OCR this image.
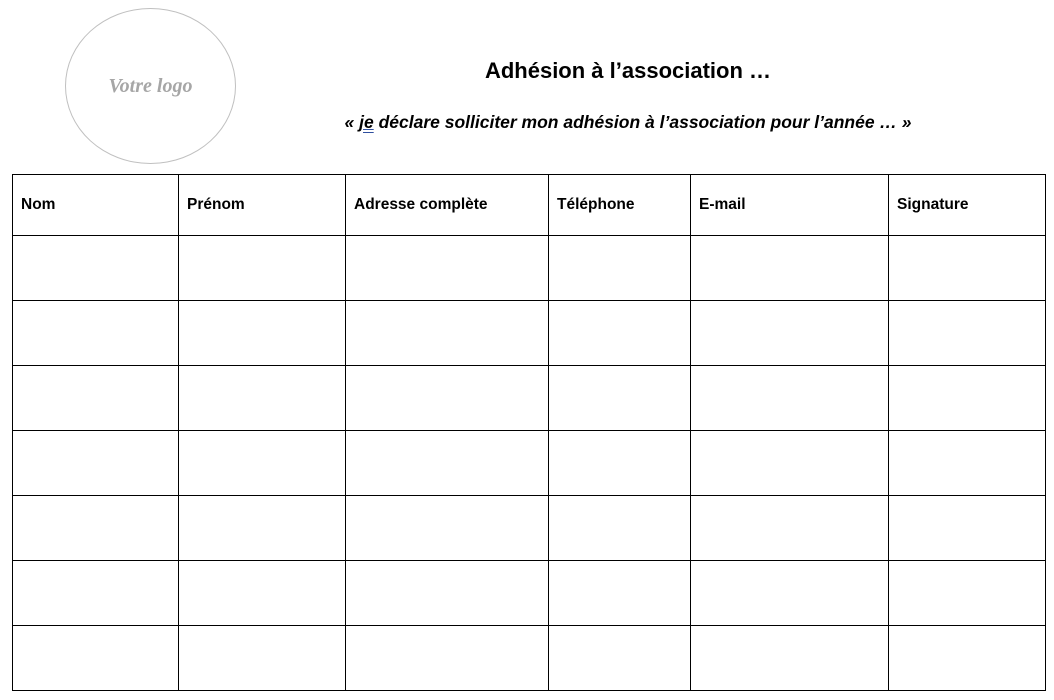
Votre logo
Adhésion à l’association …
« je déclare solliciter mon adhésion à l’association pour l’année … »
Nom	Prénom	Adresse complète	Téléphone	E-mail	Signature
